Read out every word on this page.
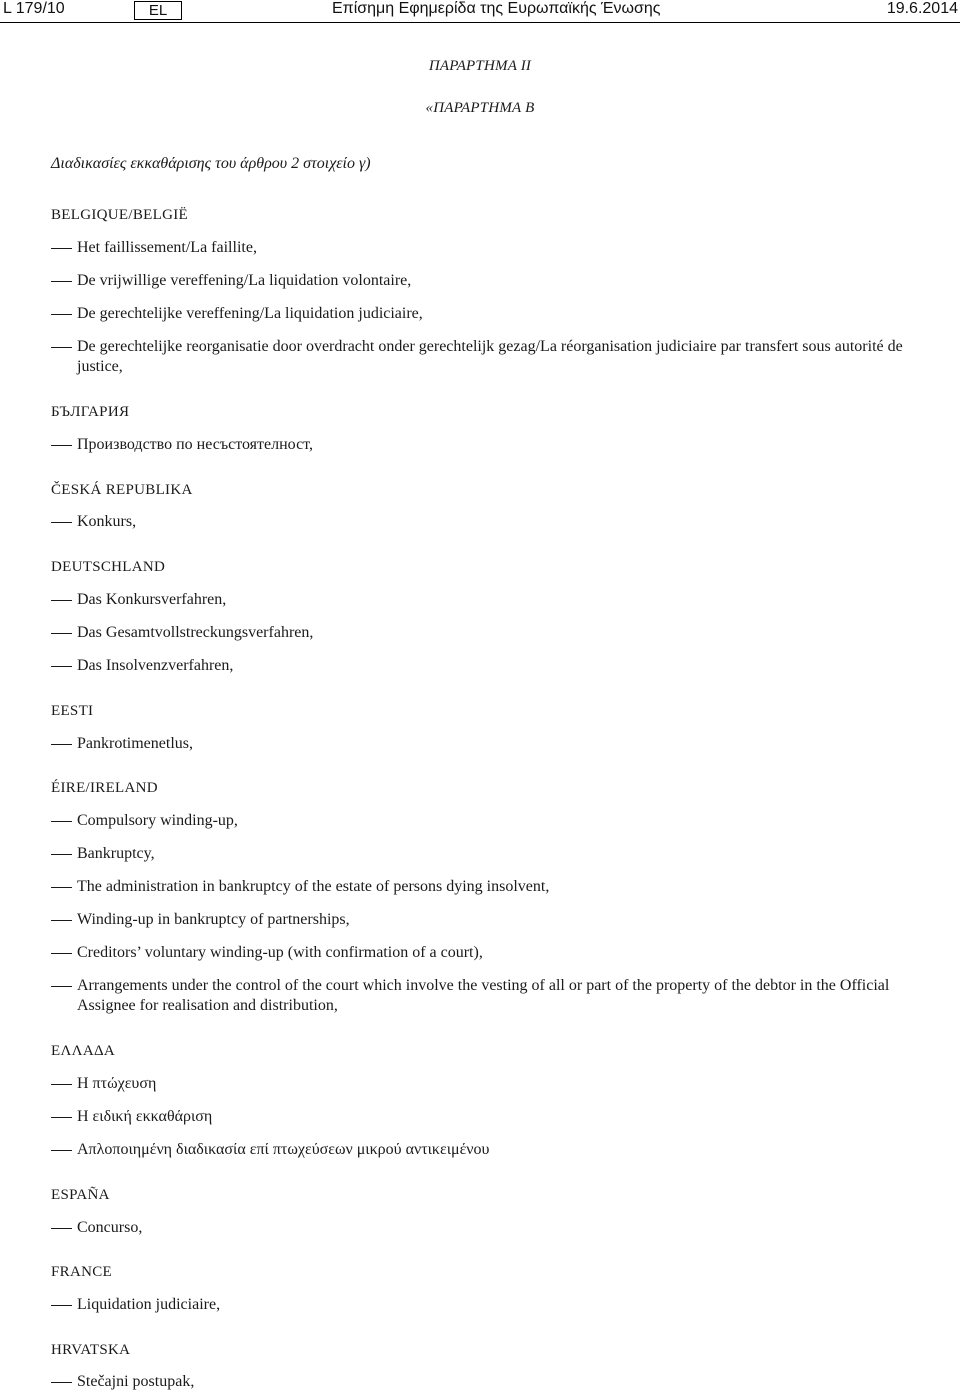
L 179/10	EL	Επίσημη Εφημερίδα της Ευρωπαϊκής Ένωσης	19.6.2014
ΠΑΡΑΡΤΗΜΑ ΙΙ
«ΠΑΡΑΡΤΗΜΑ Β
Διαδικασίες εκκαθάρισης του άρθρου 2 στοιχείο γ)
BELGIQUE/BELGIË
Het faillissement/La faillite,
De vrijwillige vereffening/La liquidation volontaire,
De gerechtelijke vereffening/La liquidation judiciaire,
De gerechtelijke reorganisatie door overdracht onder gerechtelijk gezag/La réorganisation judiciaire par transfert sous autorité de justice,
БЪЛГАРИЯ
Производство по несъстоятелност,
ČESKÁ REPUBLIKA
Konkurs,
DEUTSCHLAND
Das Konkursverfahren,
Das Gesamtvollstreckungsverfahren,
Das Insolvenzverfahren,
EESTI
Pankrotimenetlus,
ÉIRE/IRELAND
Compulsory winding-up,
Bankruptcy,
The administration in bankruptcy of the estate of persons dying insolvent,
Winding-up in bankruptcy of partnerships,
Creditors’ voluntary winding-up (with confirmation of a court),
Arrangements under the control of the court which involve the vesting of all or part of the property of the debtor in the Official Assignee for realisation and distribution,
ΕΛΛΑΔΑ
Η πτώχευση
Η ειδική εκκαθάριση
Απλοποιημένη διαδικασία επί πτωχεύσεων μικρού αντικειμένου
ESPAÑA
Concurso,
FRANCE
Liquidation judiciaire,
HRVATSKA
Stečajni postupak,
